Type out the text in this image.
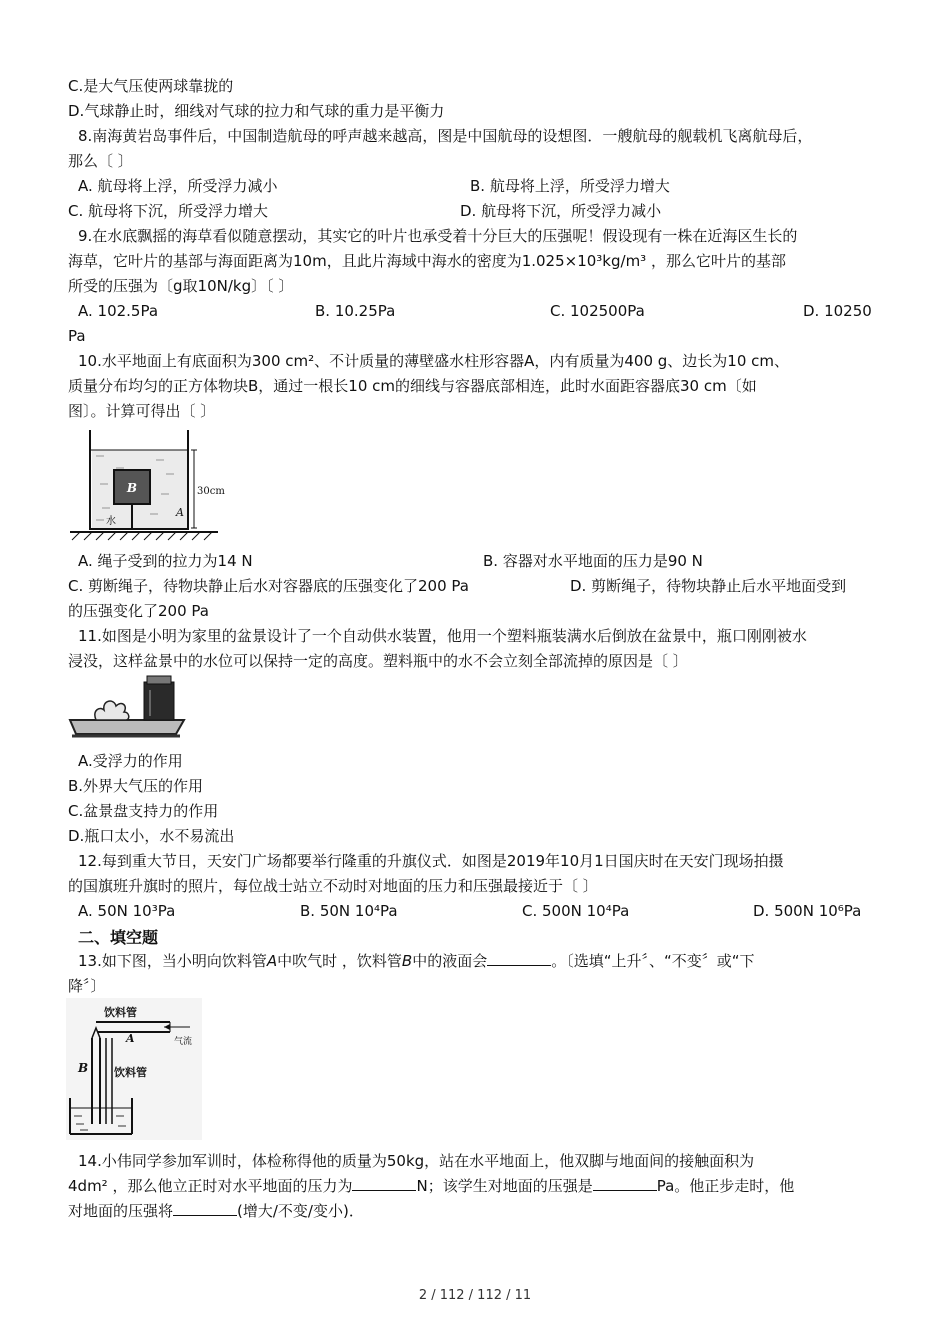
C.是大气压使两球靠拢的
D.气球静止时，细线对气球的拉力和气球的重力是平衡力
8.南海黄岩岛事件后，中国制造航母的呼声越来越高，图是中国航母的设想图．一艘航母的舰载机飞离航母后，
那么〔 〕
A. 航母将上浮，所受浮力减小	B. 航母将上浮，所受浮力增大
C. 航母将下沉，所受浮力增大	D. 航母将下沉，所受浮力减小
9.在水底飘摇的海草看似随意摆动，其实它的叶片也承受着十分巨大的压强呢！假设现有一株在近海区生长的
海草，它叶片的基部与海面距离为10m，且此片海域中海水的密度为1.025×10³kg/m³ ，那么它叶片的基部
所受的压强为〔g取10N/kg〕〔 〕
A. 102.5Pa	B. 10.25Pa	C. 102500Pa	D. 10250
Pa
10.水平地面上有底面积为300 cm²、不计质量的薄壁盛水柱形容器A，内有质量为400 g、边长为10 cm、
质量分布均匀的正方体物块B，通过一根长10 cm的细线与容器底部相连，此时水面距容器底30 cm〔如
图〕。计算可得出〔 〕
B
A
30cm
水
A. 绳子受到的拉力为14 N	B. 容器对水平地面的压力是90 N
C. 剪断绳子，待物块静止后水对容器底的压强变化了200 Pa	D. 剪断绳子，待物块静止后水平地面受到
的压强变化了200 Pa
11.如图是小明为家里的盆景设计了一个自动供水装置，他用一个塑料瓶装满水后倒放在盆景中，瓶口刚刚被水
浸没，这样盆景中的水位可以保持一定的高度。塑料瓶中的水不会立刻全部流掉的原因是〔 〕
A.受浮力的作用
B.外界大气压的作用
C.盆景盘支持力的作用
D.瓶口太小，水不易流出
12.每到重大节日，天安门广场都要举行隆重的升旗仪式．如图是2019年10月1日国庆时在天安门现场拍摄
的国旗班升旗时的照片，每位战士站立不动时对地面的压力和压强最接近于〔 〕
A. 50N 10³Pa	B. 50N 10⁴Pa	C. 500N 10⁴Pa	D. 500N 10⁶Pa
二、填空题
13.如下图，当小明向饮料管A中吹气时 ，饮料管B中的液面会	。〔选填“上升〞、“不变〞或“下
降〞〕
饮料管
气流
A
B 饮料管
14.小伟同学参加军训时，体检称得他的质量为50kg，站在水平地面上，他双脚与地面间的接触面积为
4dm² ，那么他立正时对水平地面的压力为	N；该学生对地面的压强是	Pa。他正步走时，他
对地面的压强将	(增大/不变/变小)．
2 / 112 / 112 / 11
